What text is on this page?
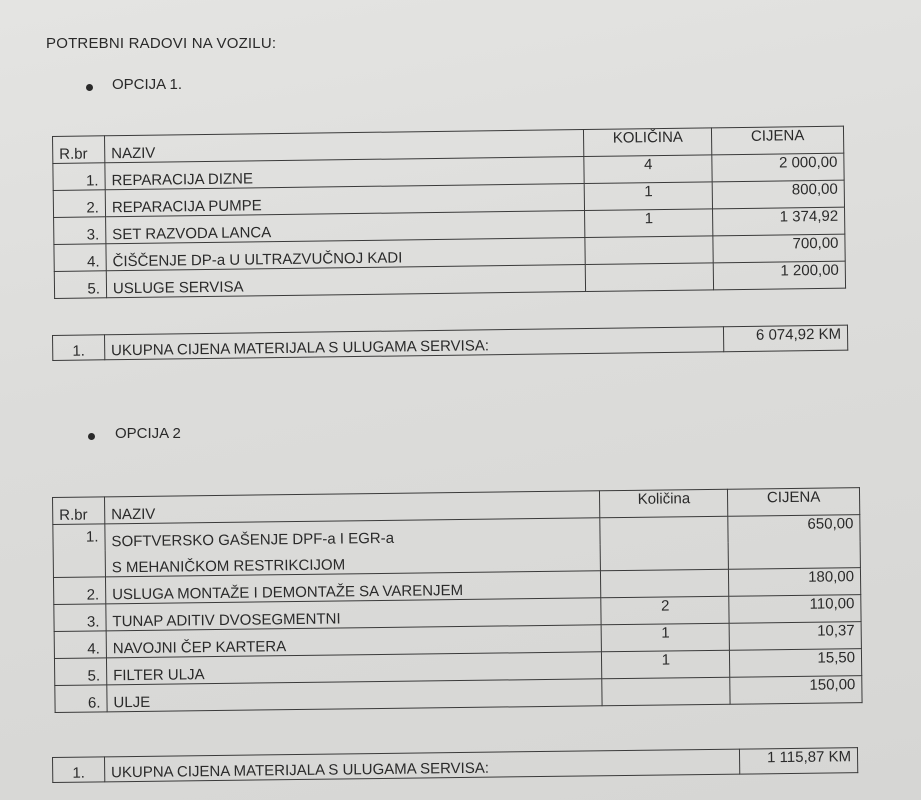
POTREBNI RADOVI NA VOZILU:
OPCIJA 1.
R.br	NAZIV	KOLIČINA	CIJENA
1.	REPARACIJA DIZNE	4	2 000,00
2.	REPARACIJA PUMPE	1	800,00
3.	SET RAZVODA LANCA	1	1 374,92
4.	ČIŠČENJE DP-a U ULTRAZVUČNOJ KADI		700,00
5.	USLUGE SERVISA		1 200,00
1.	UKUPNA CIJENA MATERIJALA S ULUGAMA SERVISA:	6 074,92 KM
OPCIJA 2
R.br	NAZIV	Količina	CIJENA
1.	SOFTVERSKO GAŠENJE DPF-a I EGR-a		650,00
	S MEHANIČKOM RESTRIKCIJOM		
2.	USLUGA MONTAŽE I DEMONTAŽE SA VARENJEM		180,00
3.	TUNAP ADITIV DVOSEGMENTNI	2	110,00
4.	NAVOJNI ČEP KARTERA	1	10,37
5.	FILTER ULJA	1	15,50
6.	ULJE		150,00
1.	UKUPNA CIJENA MATERIJALA S ULUGAMA SERVISA:	1 115,87 KM
